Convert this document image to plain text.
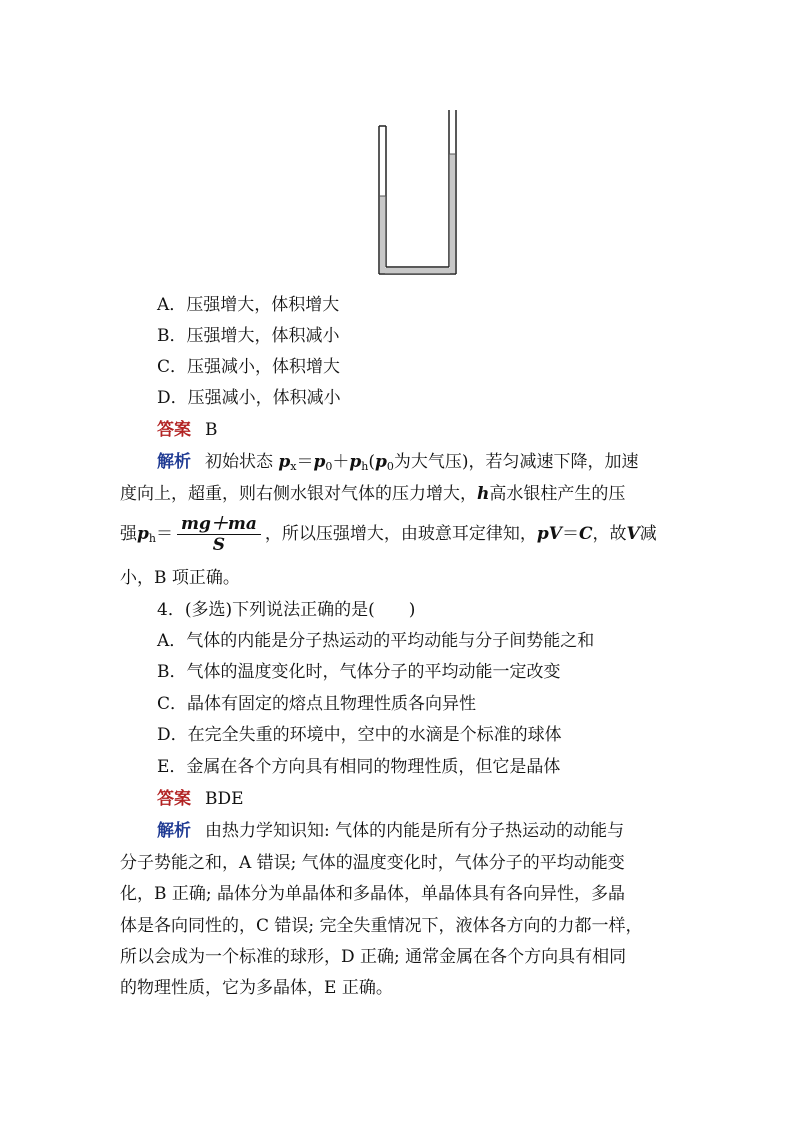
A．压强增大，体积增大
B．压强增大，体积减小
C．压强减小，体积增大
D．压强减小，体积减小
答案 B
解析 初始状态 $p_x=p_0+p_h(p_0$为大气压)，若匀减速下降，加速
度向上，超重，则右侧水银对气体的压力增大，h高水银柱产生的压
强$p_h= \frac{mg+ma}{S}$ ，所以压强增大，由玻意耳定律知，pV＝C，故V减
小，B 项正确。
4．(多选)下列说法正确的是( )
A．气体的内能是分子热运动的平均动能与分子间势能之和
B．气体的温度变化时，气体分子的平均动能一定改变
C．晶体有固定的熔点且物理性质各向异性
D．在完全失重的环境中，空中的水滴是个标准的球体
E．金属在各个方向具有相同的物理性质，但它是晶体
答案 BDE
解析 由热力学知识知: 气体的内能是所有分子热运动的动能与
分子势能之和，A 错误; 气体的温度变化时，气体分子的平均动能变
化，B 正确; 晶体分为单晶体和多晶体，单晶体具有各向异性，多晶
体是各向同性的，C 错误; 完全失重情况下，液体各方向的力都一样，
所以会成为一个标准的球形，D 正确; 通常金属在各个方向具有相同
的物理性质，它为多晶体，E 正确。
